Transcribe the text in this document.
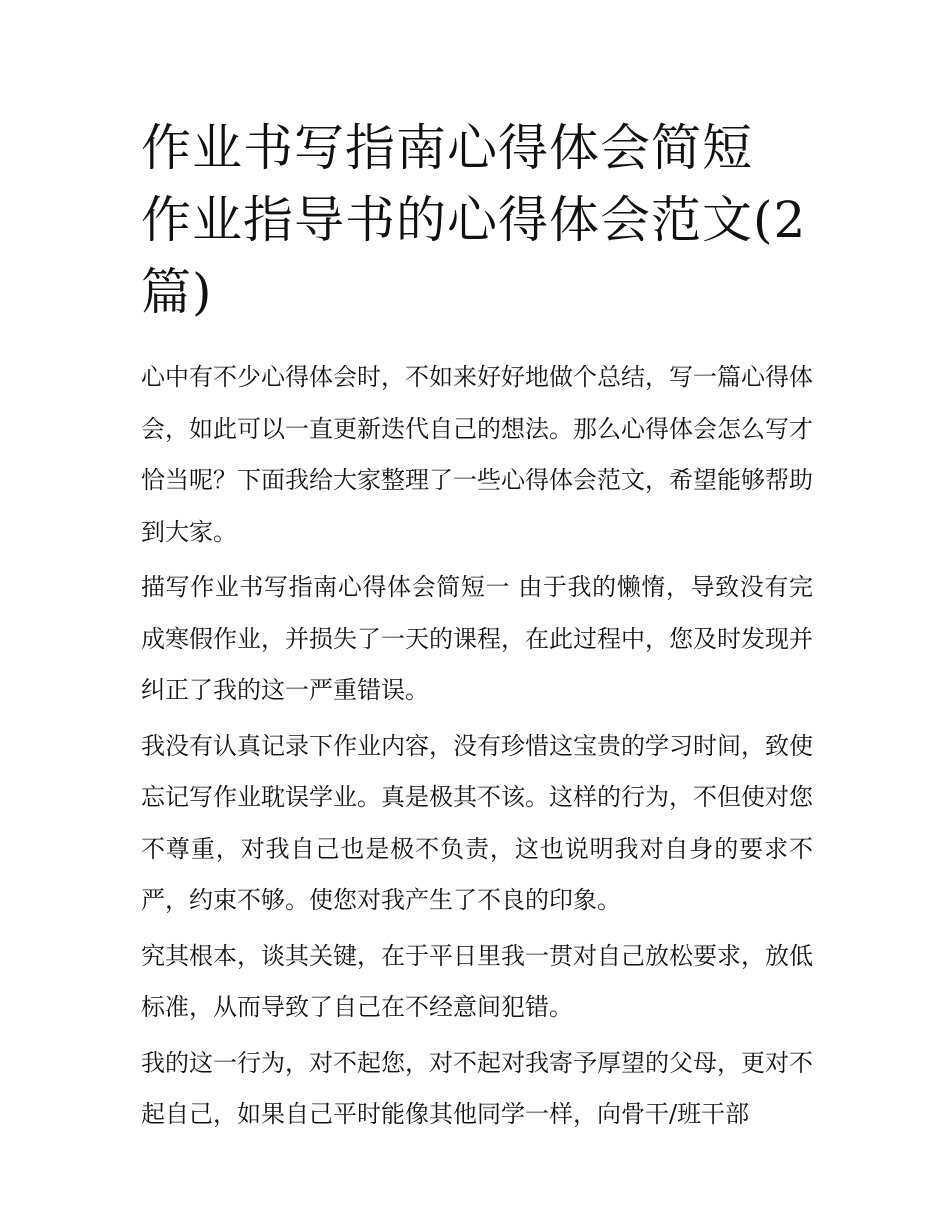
作业书写指南心得体会简短 作业指导书的心得体会范文(2篇)

心中有不少心得体会时，不如来好好地做个总结，写一篇心得体会，如此可以一直更新迭代自己的想法。那么心得体会怎么写才恰当呢？下面我给大家整理了一些心得体会范文，希望能够帮助到大家。

描写作业书写指南心得体会简短一 由于我的懒惰，导致没有完成寒假作业，并损失了一天的课程，在此过程中，您及时发现并纠正了我的这一严重错误。

我没有认真记录下作业内容，没有珍惜这宝贵的学习时间，致使忘记写作业耽误学业。真是极其不该。这样的行为，不但使对您不尊重，对我自己也是极不负责，这也说明我对自身的要求不严，约束不够。使您对我产生了不良的印象。

究其根本，谈其关键，在于平日里我一贯对自己放松要求，放低标准，从而导致了自己在不经意间犯错。

我的这一行为，对不起您，对不起对我寄予厚望的父母，更对不起自己，如果自己平时能像其他同学一样，向骨干/班干部
